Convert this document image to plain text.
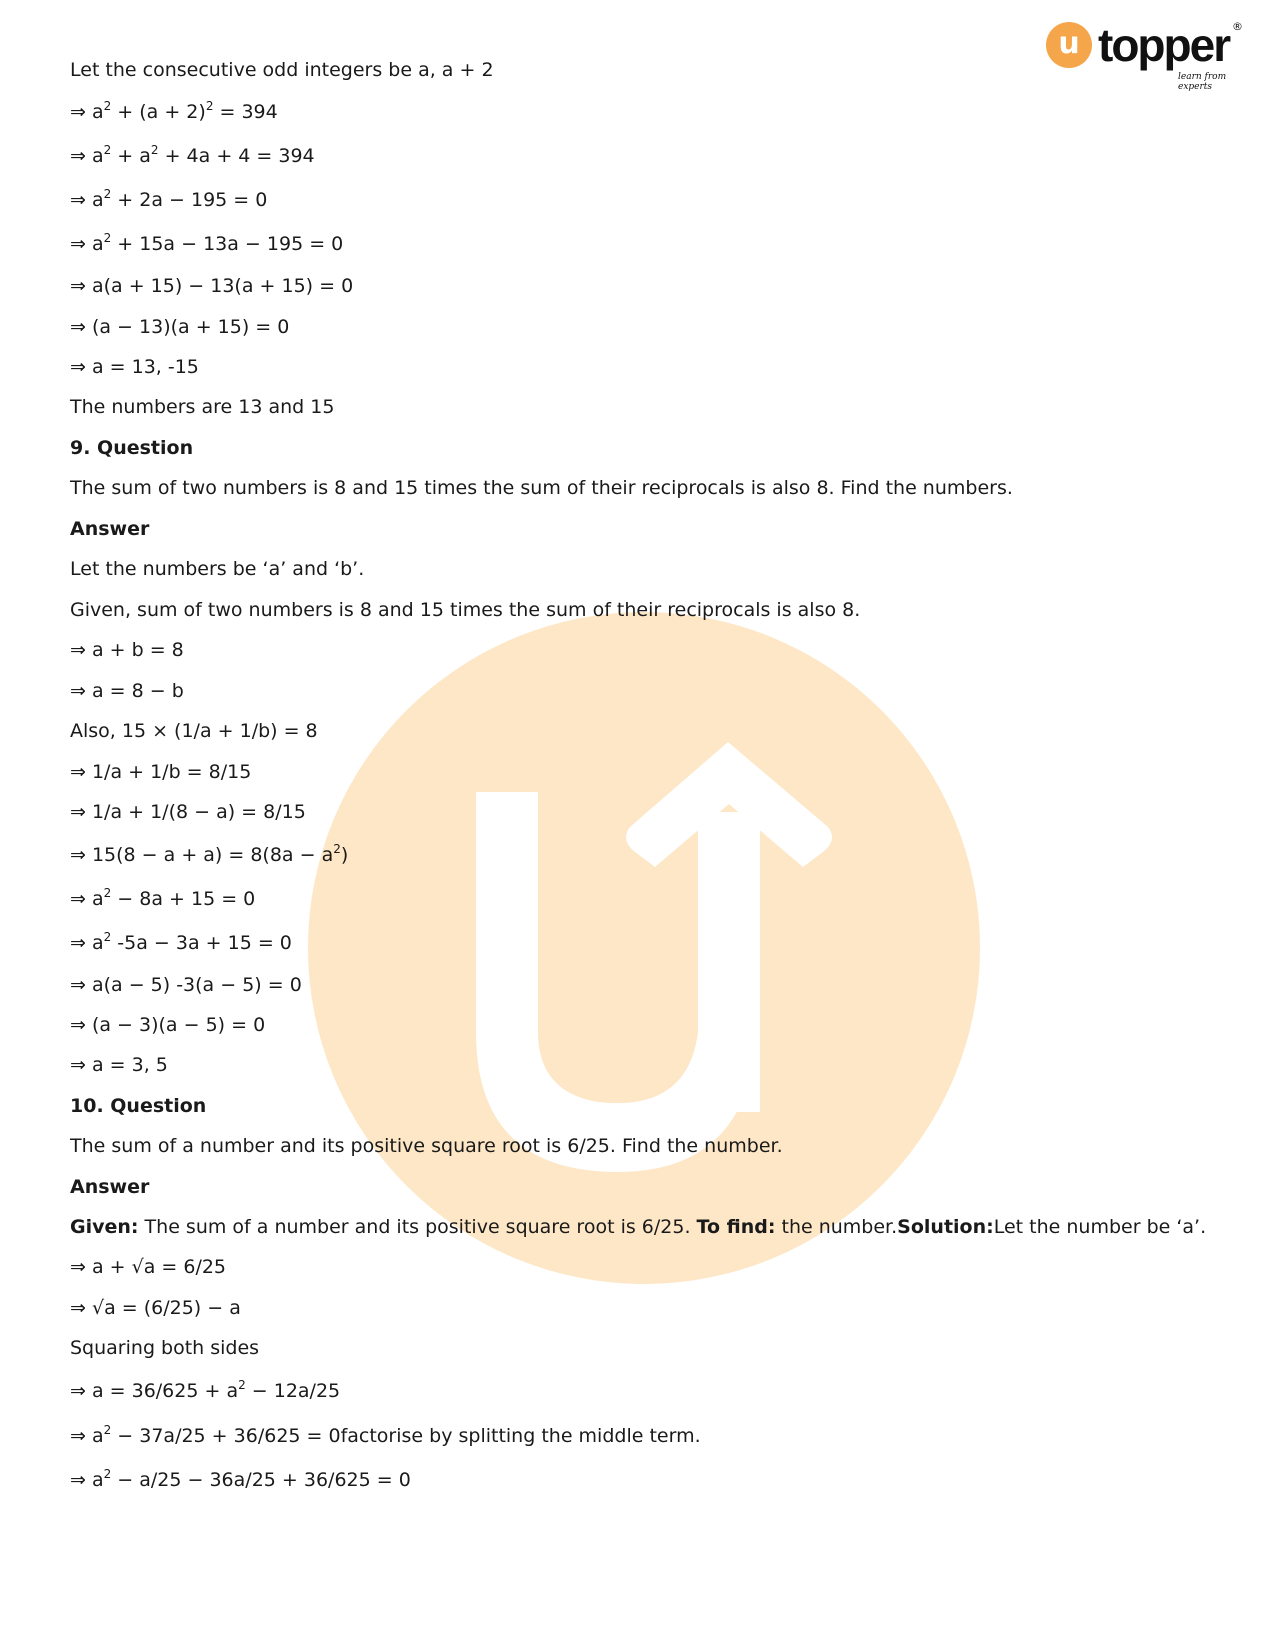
u topper ®
learn from experts
Let the consecutive odd integers be a, a + 2
⇒ $a^2 + (a + 2)^2 = 394$
⇒ $a^2 + a^2 + 4a + 4 = 394$
⇒ $a^2 + 2a - 195 = 0$
⇒ $a^2 + 15a - 13a - 195 = 0$
⇒ a(a + 15) − 13(a + 15) = 0
⇒ (a − 13)(a + 15) = 0
⇒ a = 13, -15
The numbers are 13 and 15
9. Question
The sum of two numbers is 8 and 15 times the sum of their reciprocals is also 8. Find the numbers.
Answer
Let the numbers be ‘a’ and ‘b’.
Given, sum of two numbers is 8 and 15 times the sum of their reciprocals is also 8.
⇒ a + b = 8
⇒ a = 8 − b
Also, 15 × (1/a + 1/b) = 8
⇒ 1/a + 1/b = 8/15
⇒ 1/a + 1/(8 − a) = 8/15
⇒ $15(8 - a + a) = 8(8a - a^2)$
⇒ $a^2 - 8a + 15 = 0$
⇒ $a^2$ -5a − 3a + 15 = 0
⇒ a(a − 5) -3(a − 5) = 0
⇒ (a − 3)(a − 5) = 0
⇒ a = 3, 5
10. Question
The sum of a number and its positive square root is 6/25. Find the number.
Answer
Given: The sum of a number and its positive square root is 6/25. To find: the number.Solution:Let the number be ‘a’.
⇒ a + √a = 6/25
⇒ √a = (6/25) − a
Squaring both sides
⇒ $a = 36/625 + a^2 - 12a/25$
⇒ $a^2 - 37a/25 + 36/625$ = 0factorise by splitting the middle term.
⇒ $a^2 - a/25 - 36a/25 + 36/625 = 0$
